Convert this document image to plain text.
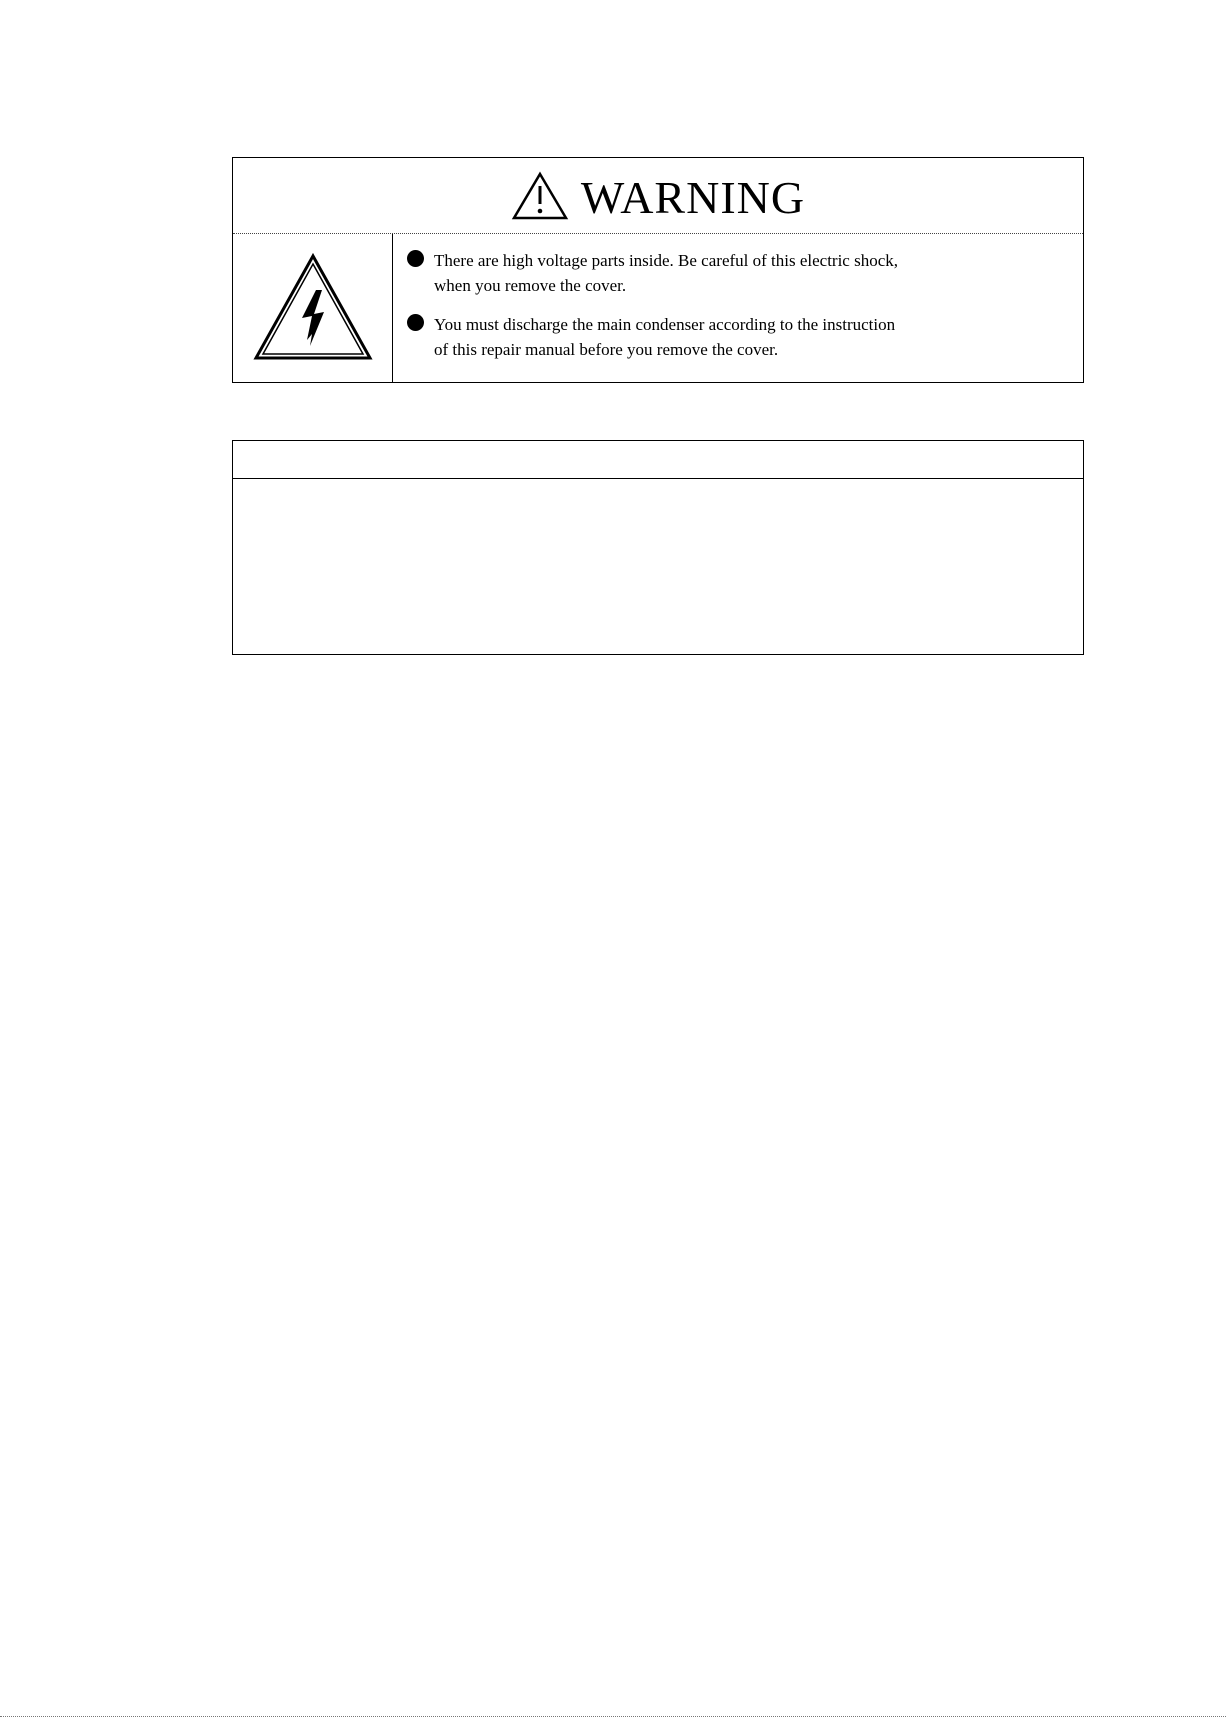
WARNING
There are high voltage parts inside. Be careful of this electric shock,
when you remove the cover.
You must discharge the main condenser according to the instruction
of this repair manual before you remove the cover.
